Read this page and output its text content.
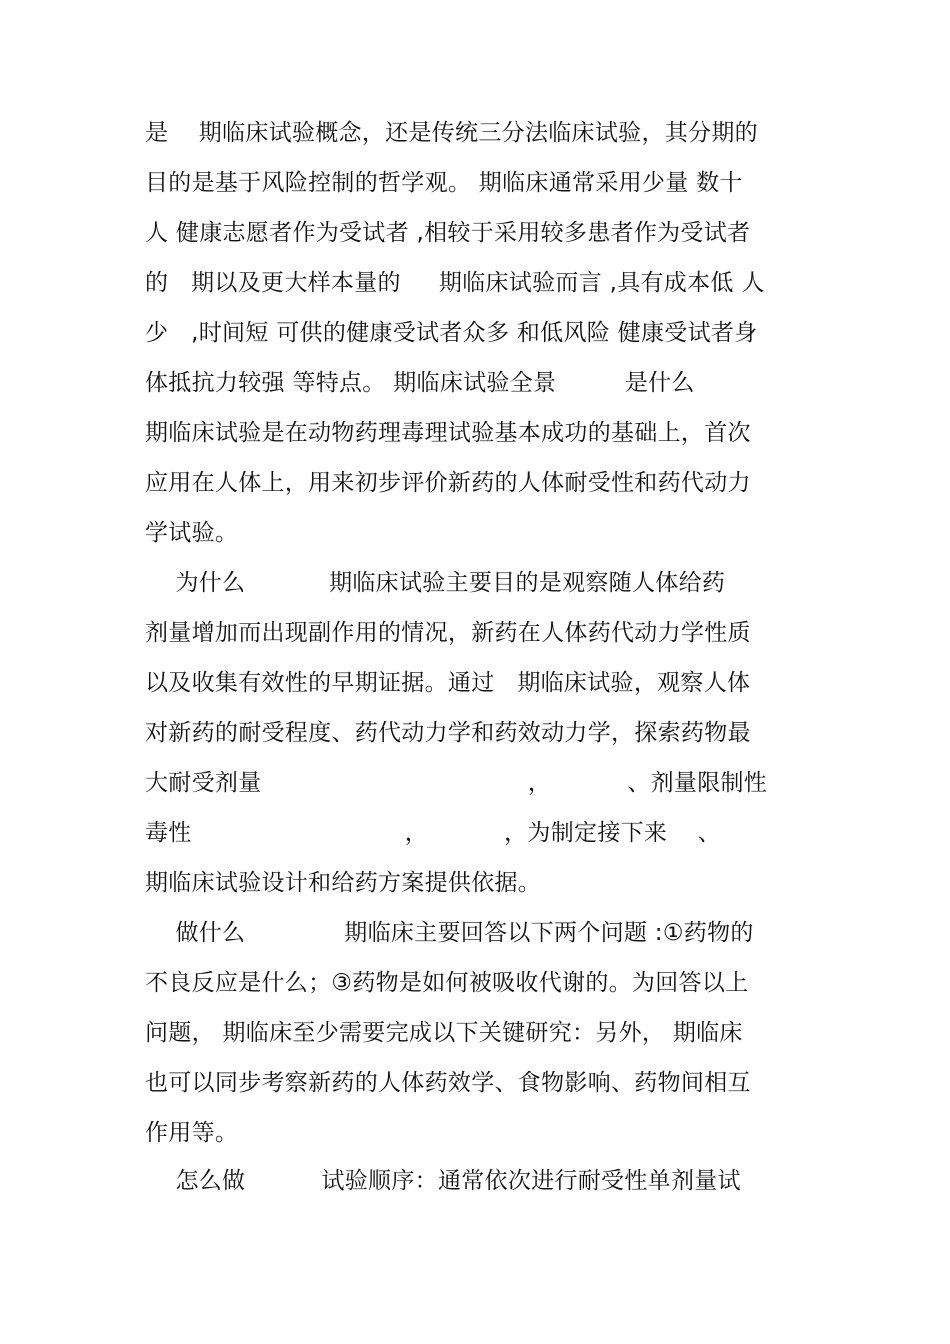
是    期临床试验概念，还是传统三分法临床试验，其分期的
目的是基于风险控制的哲学观。 期临床通常采用少量 数十
人 健康志愿者作为受试者 ,相较于采用较多患者作为受试者
的   期以及更大样本量的     期临床试验而言 ,具有成本低 人
少   ,时间短 可供的健康受试者众多 和低风险 健康受试者身
体抵抗力较强 等特点。 期临床试验全景         是什么
期临床试验是在动物药理毒理试验基本成功的基础上，首次
应用在人体上，用来初步评价新药的人体耐受性和药代动力
学试验。
为什么           期临床试验主要目的是观察随人体给药
剂量增加而出现副作用的情况，新药在人体药代动力学性质
以及收集有效性的早期证据。通过   期临床试验，观察人体
对新药的耐受程度、药代动力学和药效动力学，探索药物最
大耐受剂量                                   ，          、剂量限制性
毒性                            ，          ，为制定接下来    、
期临床试验设计和给药方案提供依据。
做什么             期临床主要回答以下两个问题 :①药物的
不良反应是什么；③药物是如何被吸收代谢的。为回答以上
问题， 期临床至少需要完成以下关键研究：另外， 期临床
也可以同步考察新药的人体药效学、食物影响、药物间相互
作用等。
怎么做          试验顺序：通常依次进行耐受性单剂量试
